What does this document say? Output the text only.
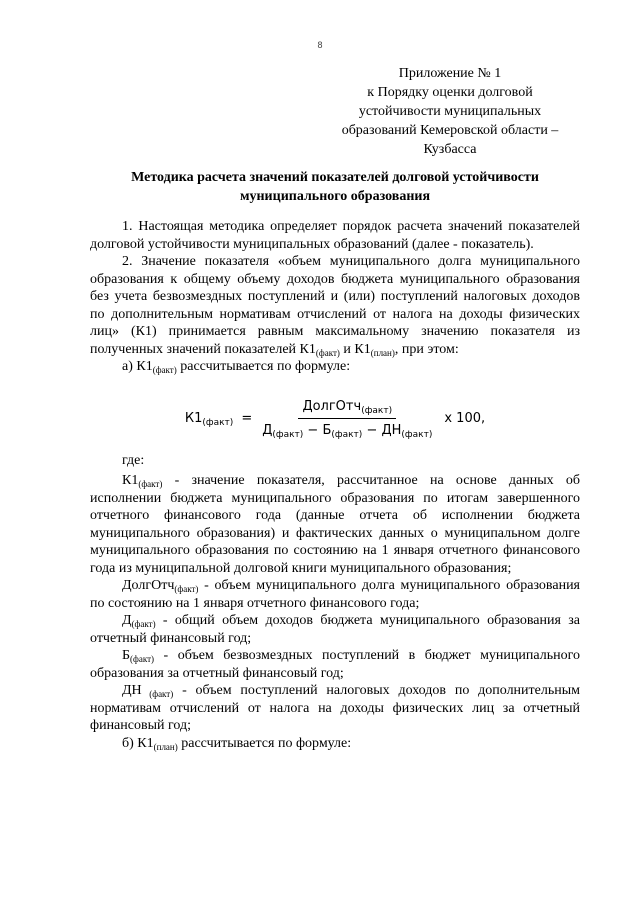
8
Приложение № 1
к Порядку оценки долговой
устойчивости муниципальных
образований Кемеровской области –
Кузбасса
Методика расчета значений показателей долговой устойчивости муниципального образования

1. Настоящая методика определяет порядок расчета значений показателей долговой устойчивости муниципальных образований (далее - показатель).

2. Значение показателя «объем муниципального долга муниципального образования к общему объему доходов бюджета муниципального образования без учета безвозмездных поступлений и (или) поступлений налоговых доходов по дополнительным нормативам отчислений от налога на доходы физических лиц» (К1) принимается равным максимальному значению показателя из полученных значений показателей $К1_{(факт)}$ и $К1_{(план)}$, при этом:

а) $К1_{(факт)}$ рассчитывается по формуле:

$К1_{(факт)} = \frac{ДолгОтч_{(факт)}}{Д_{(факт)} - Б_{(факт)} - ДН_{(факт)}}$ x 100,

где:

$К1_{(факт)}$ - значение показателя, рассчитанное на основе данных об исполнении бюджета муниципального образования по итогам завершенного отчетного финансового года (данные отчета об исполнении бюджета муниципального образования) и фактических данных о муниципальном долге муниципального образования по состоянию на 1 января отчетного финансового года из муниципальной долговой книги муниципального образования;

ДолгОтч$_{(факт)}$ - объем муниципального долга муниципального образования по состоянию на 1 января отчетного финансового года;

$Д_{(факт)}$ - общий объем доходов бюджета муниципального образования за отчетный финансовый год;

$Б_{(факт)}$ - объем безвозмездных поступлений в бюджет муниципального образования за отчетный финансовый год;

ДН $_{(факт)}$ - объем поступлений налоговых доходов по дополнительным нормативам отчислений от налога на доходы физических лиц за отчетный финансовый год;

б) $К1_{(план)}$ рассчитывается по формуле:
